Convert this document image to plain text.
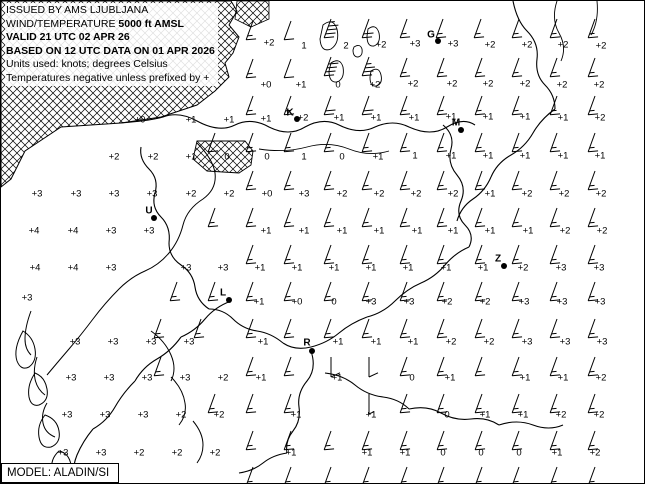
+2	1	2	+2 +3	+3	+2	+2	+2	+2
+0	+1	0	+2	+2	+2	+2	+2	+2	+2
+0	+1	+1	+1	+2	+1	+1	+1	+1	+1	+1	+1	+2
+2	+2	+1	0	0	1	0	+1	1	+1	+1	+1	+1	+1
+3	+3	+3	+3	+2	+2	+0	+3	+2	+2	+2	+2	+1	+2	+2	+2
+4	+4	+3	+3	+1	+1	+1	+1	+1	+1	+1	+1	+2	+2
+4	+4	+3	+3	+3	+1	+1	+1	+1	+1	+1	+1	+2	+3	+3
+3	+1	+0	0	+3	+3	+2	+2	+3	+3	+3
+3	+3	+3	+3	+1	+1	+1	+1	+2	+2	+3	+3	+3
+3	+3	+3	+3	+2	+1	+1	0	+1	+1	+1	+2
+3	+3	+3	+2	+2	+1	+1	0	+1	+1	+2	+2
+3	+3	+2	+2	+2	+1	+1	+1	0	0	0	+1	+2
G
K
M
U
Z
L
R
ISSUED BY AMS LJUBLJANA
WIND/TEMPERATURE 5000 ft AMSL
VALID 21 UTC 02 APR 26
BASED ON 12 UTC DATA ON 01 APR 2026
Units used: knots; degrees Celsius
Temperatures negative unless prefixed by +
MODEL: ALADIN/SI
